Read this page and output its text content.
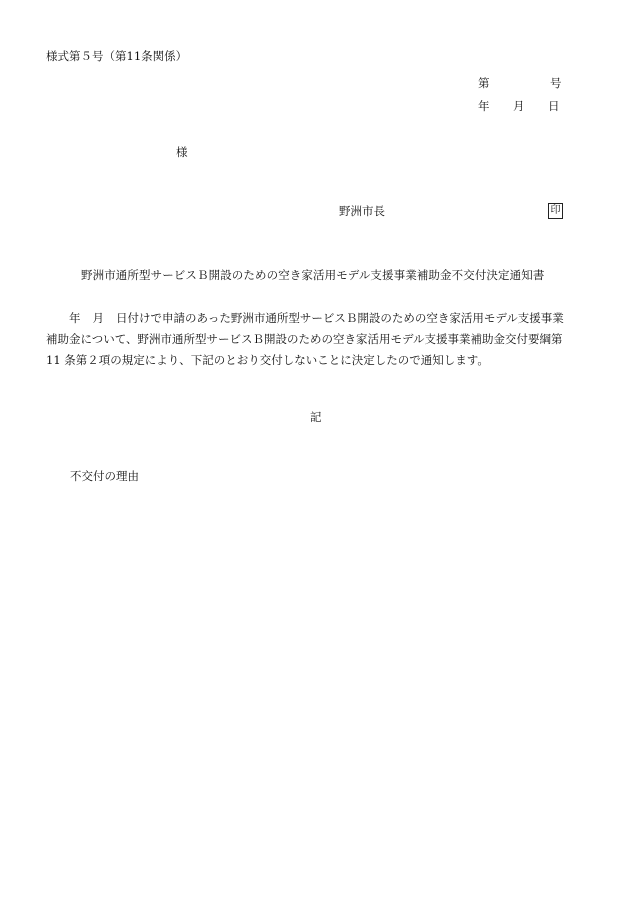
様式第５号（第11条関係）
第	号
年 月 日
様
野洲市長	印
野洲市通所型サービスＢ開設のための空き家活用モデル支援事業補助金不交付決定通知書
年 月 日付けで申請のあった野洲市通所型サービスＢ開設のための空き家活用モデル支援事業
補助金について、野洲市通所型サービスＢ開設のための空き家活用モデル支援事業補助金交付要綱第
11 条第２項の規定により、下記のとおり交付しないことに決定したので通知します。
記
不交付の理由
